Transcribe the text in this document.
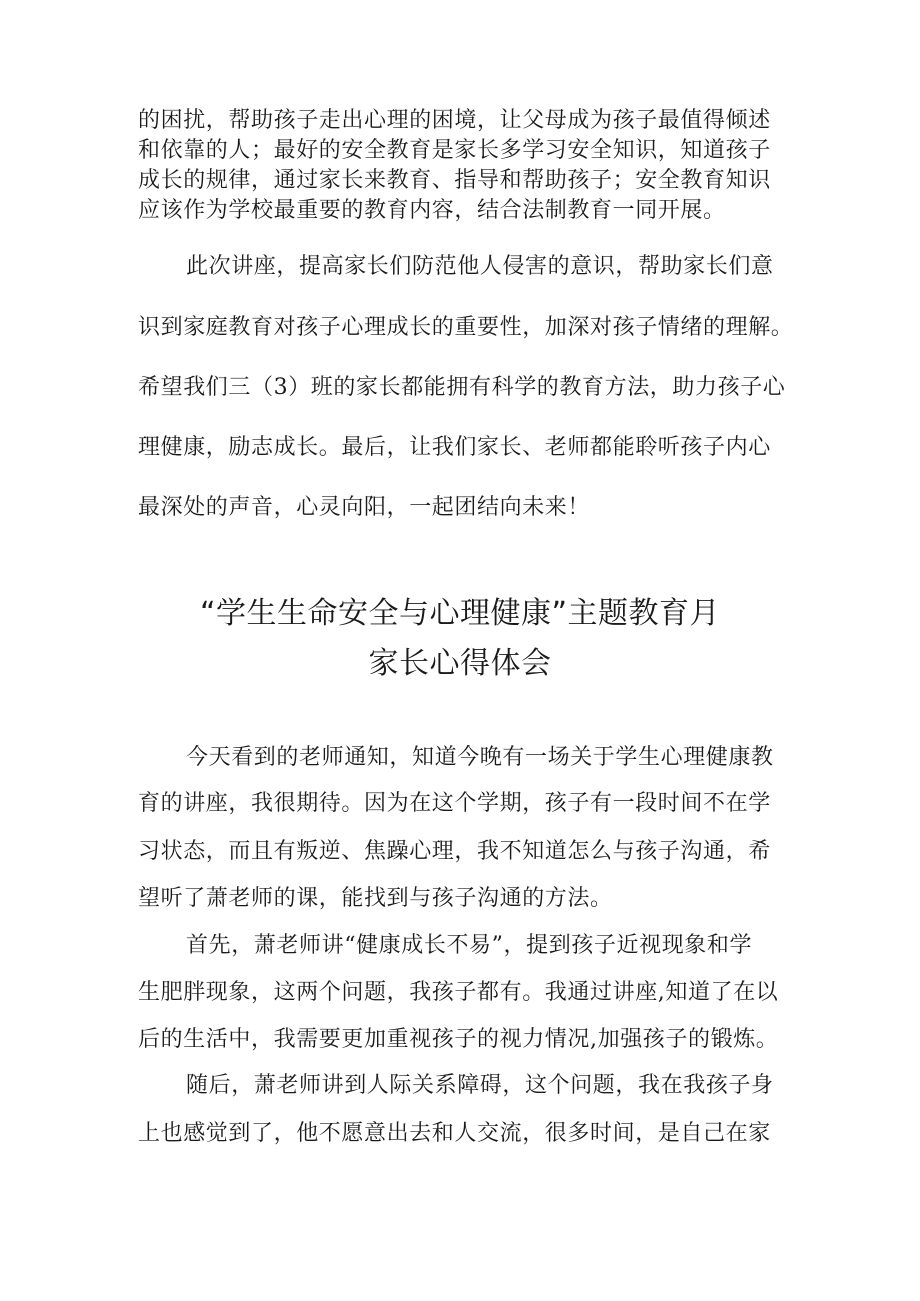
的困扰，帮助孩子走出心理的困境，让父母成为孩子最值得倾述
和依靠的人；最好的安全教育是家长多学习安全知识，知道孩子
成长的规律，通过家长来教育、指导和帮助孩子；安全教育知识
应该作为学校最重要的教育内容，结合法制教育一同开展。
此次讲座，提高家长们防范他人侵害的意识，帮助家长们意
识到家庭教育对孩子心理成长的重要性，加深对孩子情绪的理解。
希望我们三（3）班的家长都能拥有科学的教育方法，助力孩子心
理健康，励志成长。最后，让我们家长、老师都能聆听孩子内心
最深处的声音，心灵向阳，一起团结向未来！
“学生生命安全与心理健康”主题教育月
家长心得体会
今天看到的老师通知，知道今晚有一场关于学生心理健康教
育的讲座，我很期待。因为在这个学期，孩子有一段时间不在学
习状态，而且有叛逆、焦躁心理，我不知道怎么与孩子沟通，希
望听了萧老师的课，能找到与孩子沟通的方法。
首先，萧老师讲“健康成长不易”，提到孩子近视现象和学
生肥胖现象，这两个问题，我孩子都有。我通过讲座,知道了在以
后的生活中，我需要更加重视孩子的视力情况,加强孩子的锻炼。
随后，萧老师讲到人际关系障碍，这个问题，我在我孩子身
上也感觉到了，他不愿意出去和人交流，很多时间，是自己在家
